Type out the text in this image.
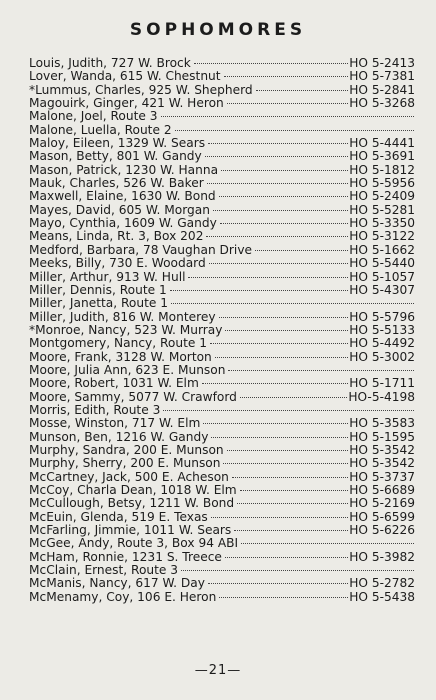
SOPHOMORES
Louis, Judith, 727 W. Brock	HO 5-2413
Lover, Wanda, 615 W. Chestnut	HO 5-7381
*Lummus, Charles, 925 W. Shepherd	HO 5-2841
Magouirk, Ginger, 421 W. Heron	HO 5-3268
Malone, Joel, Route 3
Malone, Luella, Route 2
Maloy, Eileen, 1329 W. Sears	HO 5-4441
Mason, Betty, 801 W. Gandy	HO 5-3691
Mason, Patrick, 1230 W. Hanna	HO 5-1812
Mauk, Charles, 526 W. Baker	HO 5-5956
Maxwell, Elaine, 1630 W. Bond	HO 5-2409
Mayes, David, 605 W. Morgan	HO 5-5281
Mayo, Cynthia, 1609 W. Gandy	HO 5-3350
Means, Linda, Rt. 3, Box 202	HO 5-3122
Medford, Barbara, 78 Vaughan Drive	HO 5-1662
Meeks, Billy, 730 E. Woodard	HO 5-5440
Miller, Arthur, 913 W. Hull	HO 5-1057
Miller, Dennis, Route 1	HO 5-4307
Miller, Janetta, Route 1
Miller, Judith, 816 W. Monterey	HO 5-5796
*Monroe, Nancy, 523 W. Murray	HO 5-5133
Montgomery, Nancy, Route 1	HO 5-4492
Moore, Frank, 3128 W. Morton	HO 5-3002
Moore, Julia Ann, 623 E. Munson
Moore, Robert, 1031 W. Elm	HO 5-1711
Moore, Sammy, 5077 W. Crawford	HO-5-4198
Morris, Edith, Route 3
Mosse, Winston, 717 W. Elm	HO 5-3583
Munson, Ben, 1216 W. Gandy	HO 5-1595
Murphy, Sandra, 200 E. Munson	HO 5-3542
Murphy, Sherry, 200 E. Munson	HO 5-3542
McCartney, Jack, 500 E. Acheson	HO 5-3737
McCoy, Charla Dean, 1018 W. Elm	HO 5-6689
McCullough, Betsy, 1211 W. Bond	HO 5-2169
McEuin, Glenda, 519 E. Texas	HO 5-6599
McFarling, Jimmie, 1011 W. Sears	HO 5-6226
McGee, Andy, Route 3, Box 94 ABI
McHam, Ronnie, 1231 S. Treece	HO 5-3982
McClain, Ernest, Route 3
McManis, Nancy, 617 W. Day	HO 5-2782
McMenamy, Coy, 106 E. Heron	HO 5-5438
—21—
